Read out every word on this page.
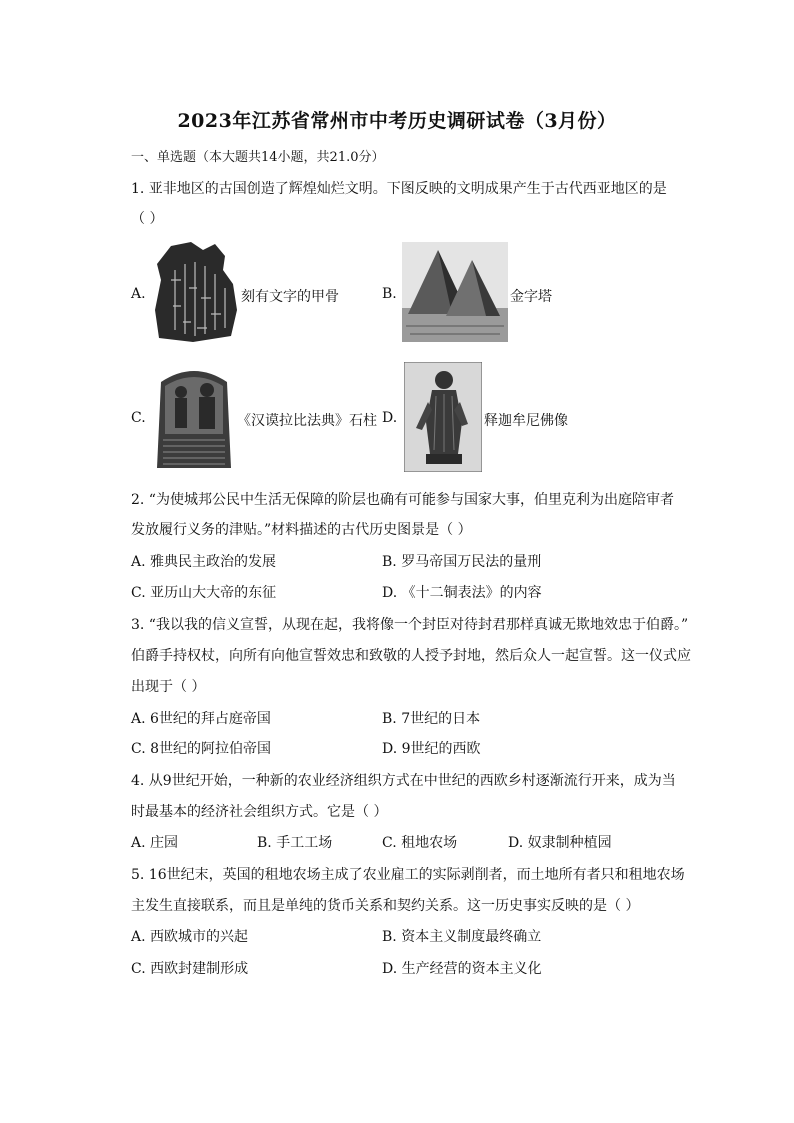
2023年江苏省常州市中考历史调研试卷（3月份）
一、单选题（本大题共14小题，共21.0分）
1. 亚非地区的古国创造了辉煌灿烂文明。下图反映的文明成果产生于古代西亚地区的是
（ ）
A.	刻有文字的甲骨	B.	金字塔
C.	《汉谟拉比法典》石柱 D.	释迦牟尼佛像
2. “为使城邦公民中生活无保障的阶层也确有可能参与国家大事，伯里克利为出庭陪审者
发放履行义务的津贴。”材料描述的古代历史图景是（ ）
A. 雅典民主政治的发展	B. 罗马帝国万民法的量刑
C. 亚历山大大帝的东征	D. 《十二铜表法》的内容
3. “我以我的信义宣誓，从现在起，我将像一个封臣对待封君那样真诚无欺地效忠于伯爵。”
伯爵手持权杖，向所有向他宣誓效忠和致敬的人授予封地，然后众人一起宣誓。这一仪式应
出现于（ ）
A. 6世纪的拜占庭帝国	B. 7世纪的日本
C. 8世纪的阿拉伯帝国	D. 9世纪的西欧
4. 从9世纪开始，一种新的农业经济组织方式在中世纪的西欧乡村逐渐流行开来，成为当
时最基本的经济社会组织方式。它是（ ）
A. 庄园	B. 手工工场	C. 租地农场	D. 奴隶制种植园
5. 16世纪末，英国的租地农场主成了农业雇工的实际剥削者，而土地所有者只和租地农场
主发生直接联系，而且是单纯的货币关系和契约关系。这一历史事实反映的是（ ）
A. 西欧城市的兴起	B. 资本主义制度最终确立
C. 西欧封建制形成	D. 生产经营的资本主义化
